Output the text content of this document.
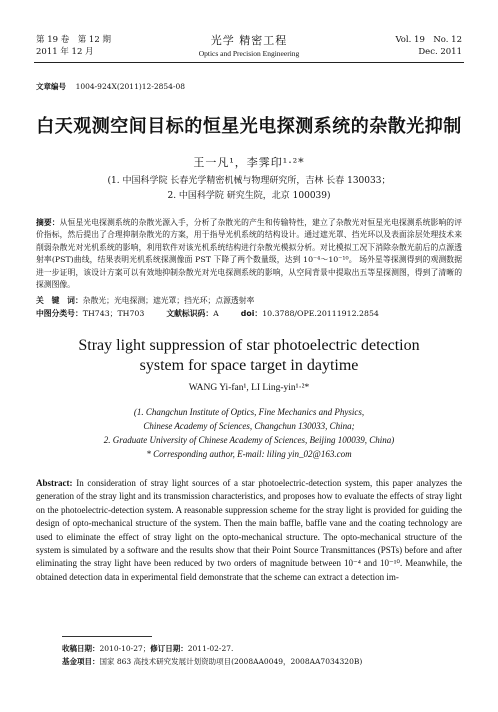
第 19 卷　第 12 期
2011 年 12 月
光学 精密工程
Optics and Precision Engineering
Vol. 19　No. 12
Dec. 2011
文章编号 1004-924X(2011)12-2854-08
白天观测空间目标的恒星光电探测系统的杂散光抑制
王一凡¹，李霁印¹·²*
(1. 中国科学院 长春光学精密机械与物理研究所，吉林 长春 130033；
2. 中国科学院 研究生院，北京 100039)
摘要：从恒星光电探测系统的杂散光源入手，分析了杂散光的产生和传输特性，建立了杂散光对恒星光电探测系统影响的评价指标，然后提出了合理抑制杂散光的方案，用于指导光机系统的结构设计。通过遮光罩、挡光环以及表面涂层处理技术来削弱杂散光对光机系统的影响，利用软件对该光机系统结构进行杂散光模拟分析。对比模拟工况下消除杂散光前后的点源透射率(PST)曲线，结果表明光机系统探测像面 PST 下降了两个数量级，达到 10⁻⁴～10⁻¹⁰。 场外星等探测得到的观测数据进一步证明，该设计方案可以有效地抑制杂散光对光电探测系统的影响，从空间背景中提取出五等星探测图，得到了清晰的探测图像。
关　键　词：杂散光；光电探测；遮光罩；挡光环；点源透射率
中图分类号：TH743；TH703	文献标识码：A	doi：10.3788/OPE.20111912.2854
Stray light suppression of star photoelectric detection
system for space target in daytime
WANG Yi-fan¹, LI Ling-yin¹·²*
(1. Changchun Institute of Optics, Fine Mechanics and Physics,
Chinese Academy of Sciences, Changchun 130033, China;
2. Graduate University of Chinese Academy of Sciences, Beijing 100039, China)
* Corresponding author, E-mail: liling yin_02@163.com
Abstract: In consideration of stray light sources of a star photoelectric-detection system, this paper analyzes the generation of the stray light and its transmission characteristics, and proposes how to evaluate the effects of stray light on the photoelectric-detection system. A reasonable suppression scheme for the stray light is provided for guiding the design of opto-mechanical structure of the system. Then the main baffle, baffle vane and the coating technology are used to eliminate the effect of stray light on the opto-mechanical structure. The opto-mechanical structure of the system is simulated by a software and the results show that their Point Source Transmittances (PSTs) before and after eliminating the stray light have been reduced by two orders of magnitude between 10⁻⁴ and 10⁻¹⁰. Meanwhile, the obtained detection data in experimental field demonstrate that the scheme can extract a detection im-
收稿日期：2010-10-27；修订日期：2011-02-27.
基金项目：国家 863 高技术研究发展计划资助项目(2008AA0049，2008AA7034320B)
